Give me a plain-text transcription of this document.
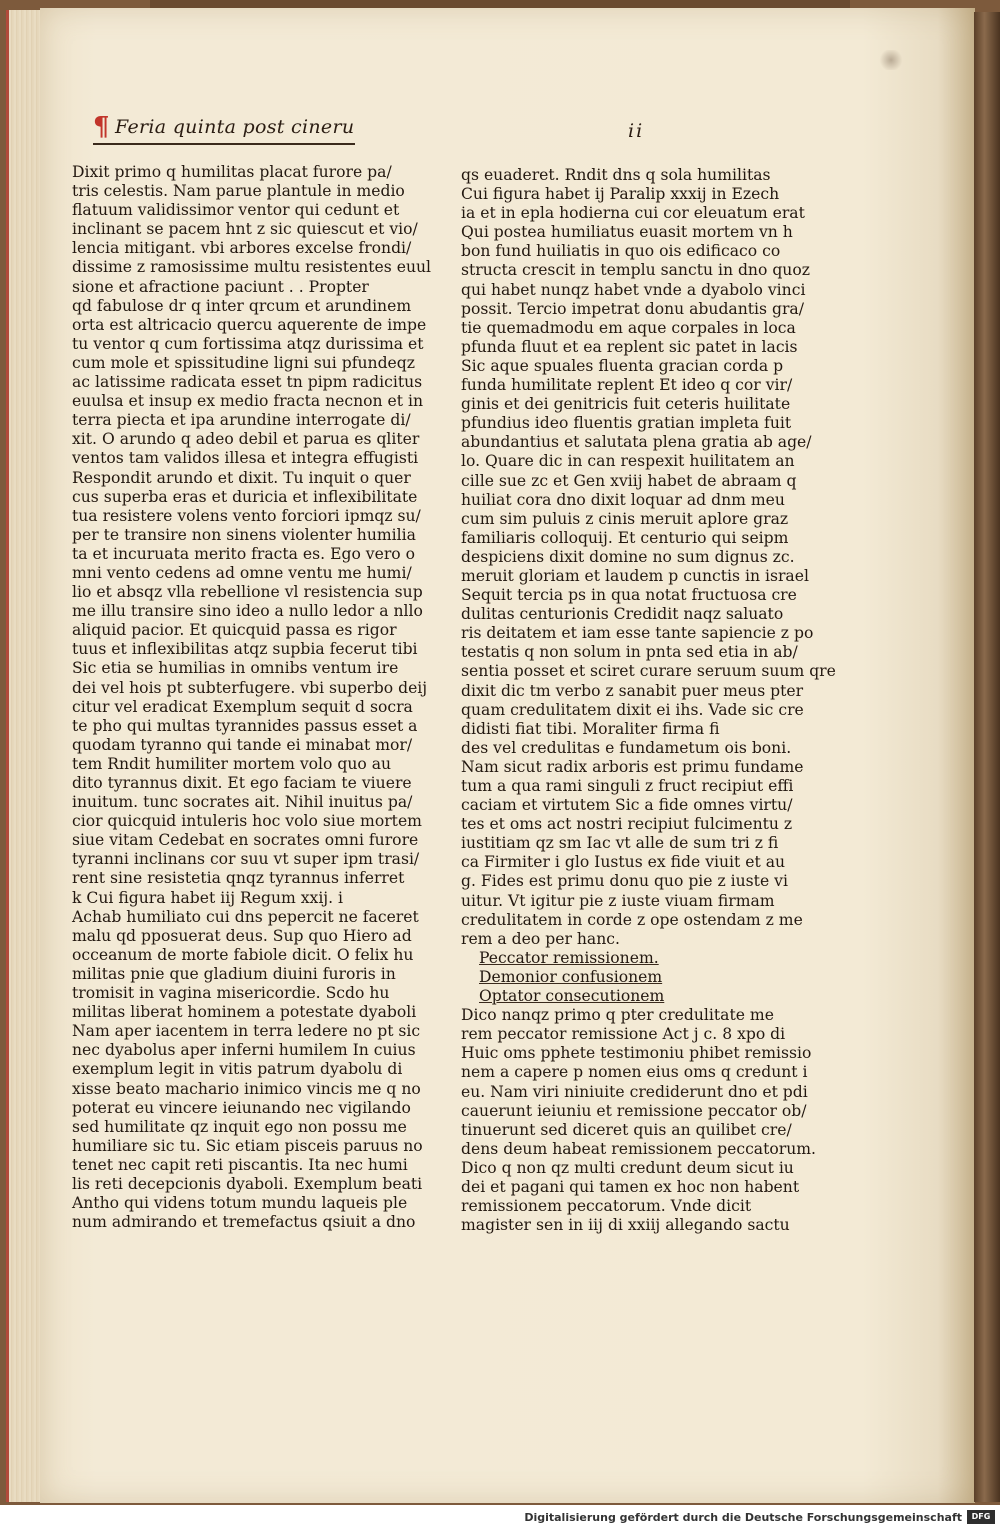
¶ Feria quinta post cineru	ii
Dixit primo q humilitas placat furore pa/
tris celestis. Nam parue plantule in medio
flatuum validissimor ventor qui cedunt et
inclinant se pacem hnt z sic quiescut et vio/
lencia mitigant. vbi arbores excelse frondi/
dissime z ramosissime multu resistentes euul
sione et afractione paciunt . . Propter
qd fabulose dr q inter qrcum et arundinem
orta est altricacio quercu aquerente de impe
tu ventor q cum fortissima atqz durissima et
cum mole et spissitudine ligni sui pfundeqz
ac latissime radicata esset tn pipm radicitus
euulsa et insup ex medio fracta necnon et in
terra piecta et ipa arundine interrogate di/
xit. O arundo q adeo debil et parua es qliter
ventos tam validos illesa et integra effugisti
Respondit arundo et dixit. Tu inquit o quer
cus superba eras et duricia et inflexibilitate
tua resistere volens vento forciori ipmqz su/
per te transire non sinens violenter humilia
ta et incuruata merito fracta es. Ego vero o
mni vento cedens ad omne ventu me humi/
lio et absqz vlla rebellione vl resistencia sup
me illu transire sino ideo a nullo ledor a nllo
aliquid pacior. Et quicquid passa es rigor
tuus et inflexibilitas atqz supbia fecerut tibi
Sic etia se humilias in omnibs ventum ire
dei vel hois pt subterfugere. vbi superbo deij
citur vel eradicat Exemplum sequit d socra
te pho qui multas tyrannides passus esset a
quodam tyranno qui tande ei minabat mor/
tem Rndit humiliter mortem volo quo au
dito tyrannus dixit. Et ego faciam te viuere
inuitum. tunc socrates ait. Nihil inuitus pa/
cior quicquid intuleris hoc volo siue mortem
siue vitam Cedebat en socrates omni furore
tyranni inclinans cor suu vt super ipm trasi/
rent sine resistetia qnqz tyrannus inferret
k Cui figura habet iij Regum xxij. i
Achab humiliato cui dns pepercit ne faceret
malu qd pposuerat deus. Sup quo Hiero ad
occeanum de morte fabiole dicit. O felix hu
militas pnie que gladium diuini furoris in
tromisit in vagina misericordie. Scdo hu
militas liberat hominem a potestate dyaboli
Nam aper iacentem in terra ledere no pt sic
nec dyabolus aper inferni humilem In cuius
exemplum legit in vitis patrum dyabolu di
xisse beato machario inimico vincis me q no
poterat eu vincere ieiunando nec vigilando
sed humilitate qz inquit ego non possu me
humiliare sic tu. Sic etiam pisceis paruus no
tenet nec capit reti piscantis. Ita nec humi
lis reti decepcionis dyaboli. Exemplum beati
Antho qui videns totum mundu laqueis ple
num admirando et tremefactus qsiuit a dno
qs euaderet. Rndit dns q sola humilitas
Cui figura habet ij Paralip xxxij in Ezech
ia et in epla hodierna cui cor eleuatum erat
Qui postea humiliatus euasit mortem vn h
bon fund huiliatis in quo ois edificaco co
structa crescit in templu sanctu in dno quoz
qui habet nunqz habet vnde a dyabolo vinci
possit. Tercio impetrat donu abudantis gra/
tie quemadmodu em aque corpales in loca
pfunda fluut et ea replent sic patet in lacis
Sic aque spuales fluenta gracian corda p
funda humilitate replent Et ideo q cor vir/
ginis et dei genitricis fuit ceteris huilitate
pfundius ideo fluentis gratian impleta fuit
abundantius et salutata plena gratia ab age/
lo. Quare dic in can respexit huilitatem an
cille sue zc et Gen xviij habet de abraam q
huiliat cora dno dixit loquar ad dnm meu
cum sim puluis z cinis meruit aplore graz
familiaris colloquij. Et centurio qui seipm
despiciens dixit domine no sum dignus zc.
meruit gloriam et laudem p cunctis in israel
Sequit tercia ps in qua notat fructuosa cre
dulitas centurionis Credidit naqz saluato
ris deitatem et iam esse tante sapiencie z po
testatis q non solum in pnta sed etia in ab/
sentia posset et sciret curare seruum suum qre
dixit dic tm verbo z sanabit puer meus pter
quam credulitatem dixit ei ihs. Vade sic cre
didisti fiat tibi. Moraliter firma fi
des vel credulitas e fundametum ois boni.
Nam sicut radix arboris est primu fundame
tum a qua rami singuli z fruct recipiut effi
caciam et virtutem Sic a fide omnes virtu/
tes et oms act nostri recipiut fulcimentu z
iustitiam qz sm Iac vt alle de sum tri z fi
ca Firmiter i glo Iustus ex fide viuit et au
g. Fides est primu donu quo pie z iuste vi
uitur. Vt igitur pie z iuste viuam firmam
credulitatem in corde z ope ostendam z me
rem a deo per hanc.
Peccator remissionem.
Demonior confusionem
Optator consecutionem
Dico nanqz primo q pter credulitate me
rem peccator remissione Act j c. 8 xpo di
Huic oms pphete testimoniu phibet remissio
nem a capere p nomen eius oms q credunt i
eu. Nam viri niniuite crediderunt dno et pdi
cauerunt ieiuniu et remissione peccator ob/
tinuerunt sed diceret quis an quilibet cre/
dens deum habeat remissionem peccatorum.
Dico q non qz multi credunt deum sicut iu
dei et pagani qui tamen ex hoc non habent
remissionem peccatorum. Vnde dicit
magister sen in iij di xxiij allegando sactu
Digitalisierung gefördert durch die Deutsche Forschungsgemeinschaft	DFG
